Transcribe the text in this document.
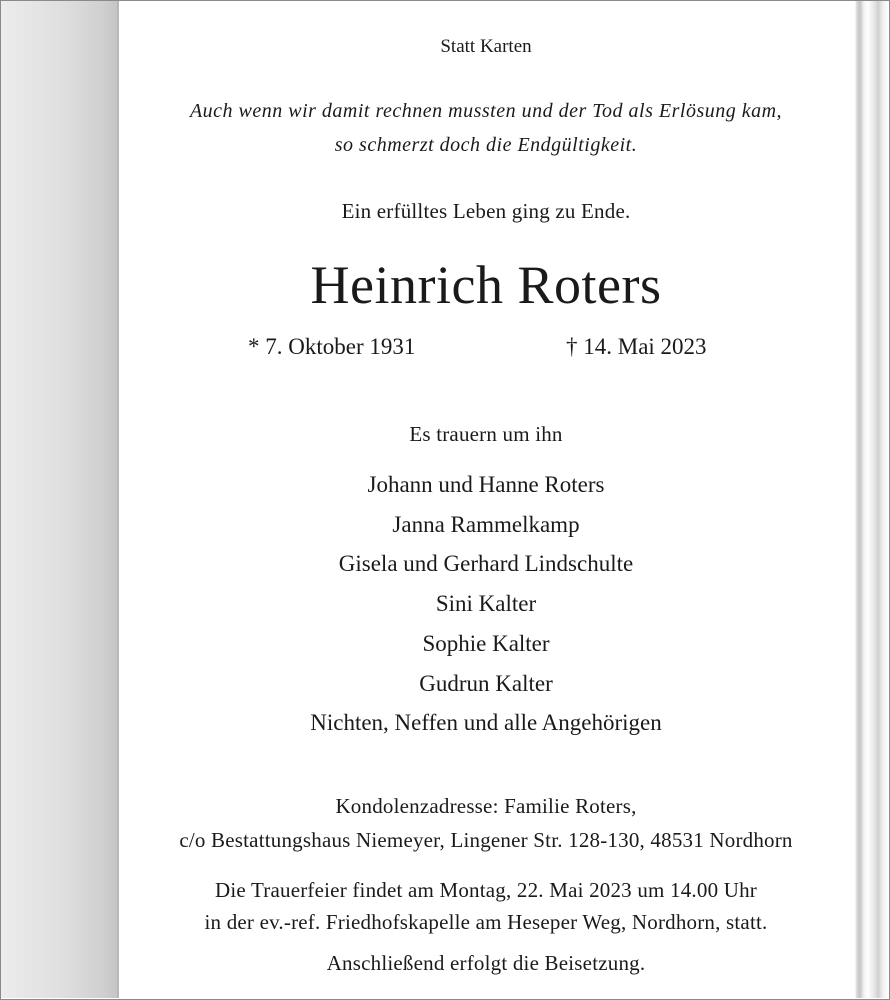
Statt Karten
Auch wenn wir damit rechnen mussten und der Tod als Erlösung kam,
so schmerzt doch die Endgültigkeit.
Ein erfülltes Leben ging zu Ende.
Heinrich Roters
* 7. Oktober 1931	† 14. Mai 2023
Es trauern um ihn
Johann und Hanne Roters
Janna Rammelkamp
Gisela und Gerhard Lindschulte
Sini Kalter
Sophie Kalter
Gudrun Kalter
Nichten, Neffen und alle Angehörigen
Kondolenzadresse: Familie Roters,
c/o Bestattungshaus Niemeyer, Lingener Str. 128-130, 48531 Nordhorn
Die Trauerfeier findet am Montag, 22. Mai 2023 um 14.00 Uhr
in der ev.-ref. Friedhofskapelle am Heseper Weg, Nordhorn, statt.
Anschließend erfolgt die Beisetzung.
